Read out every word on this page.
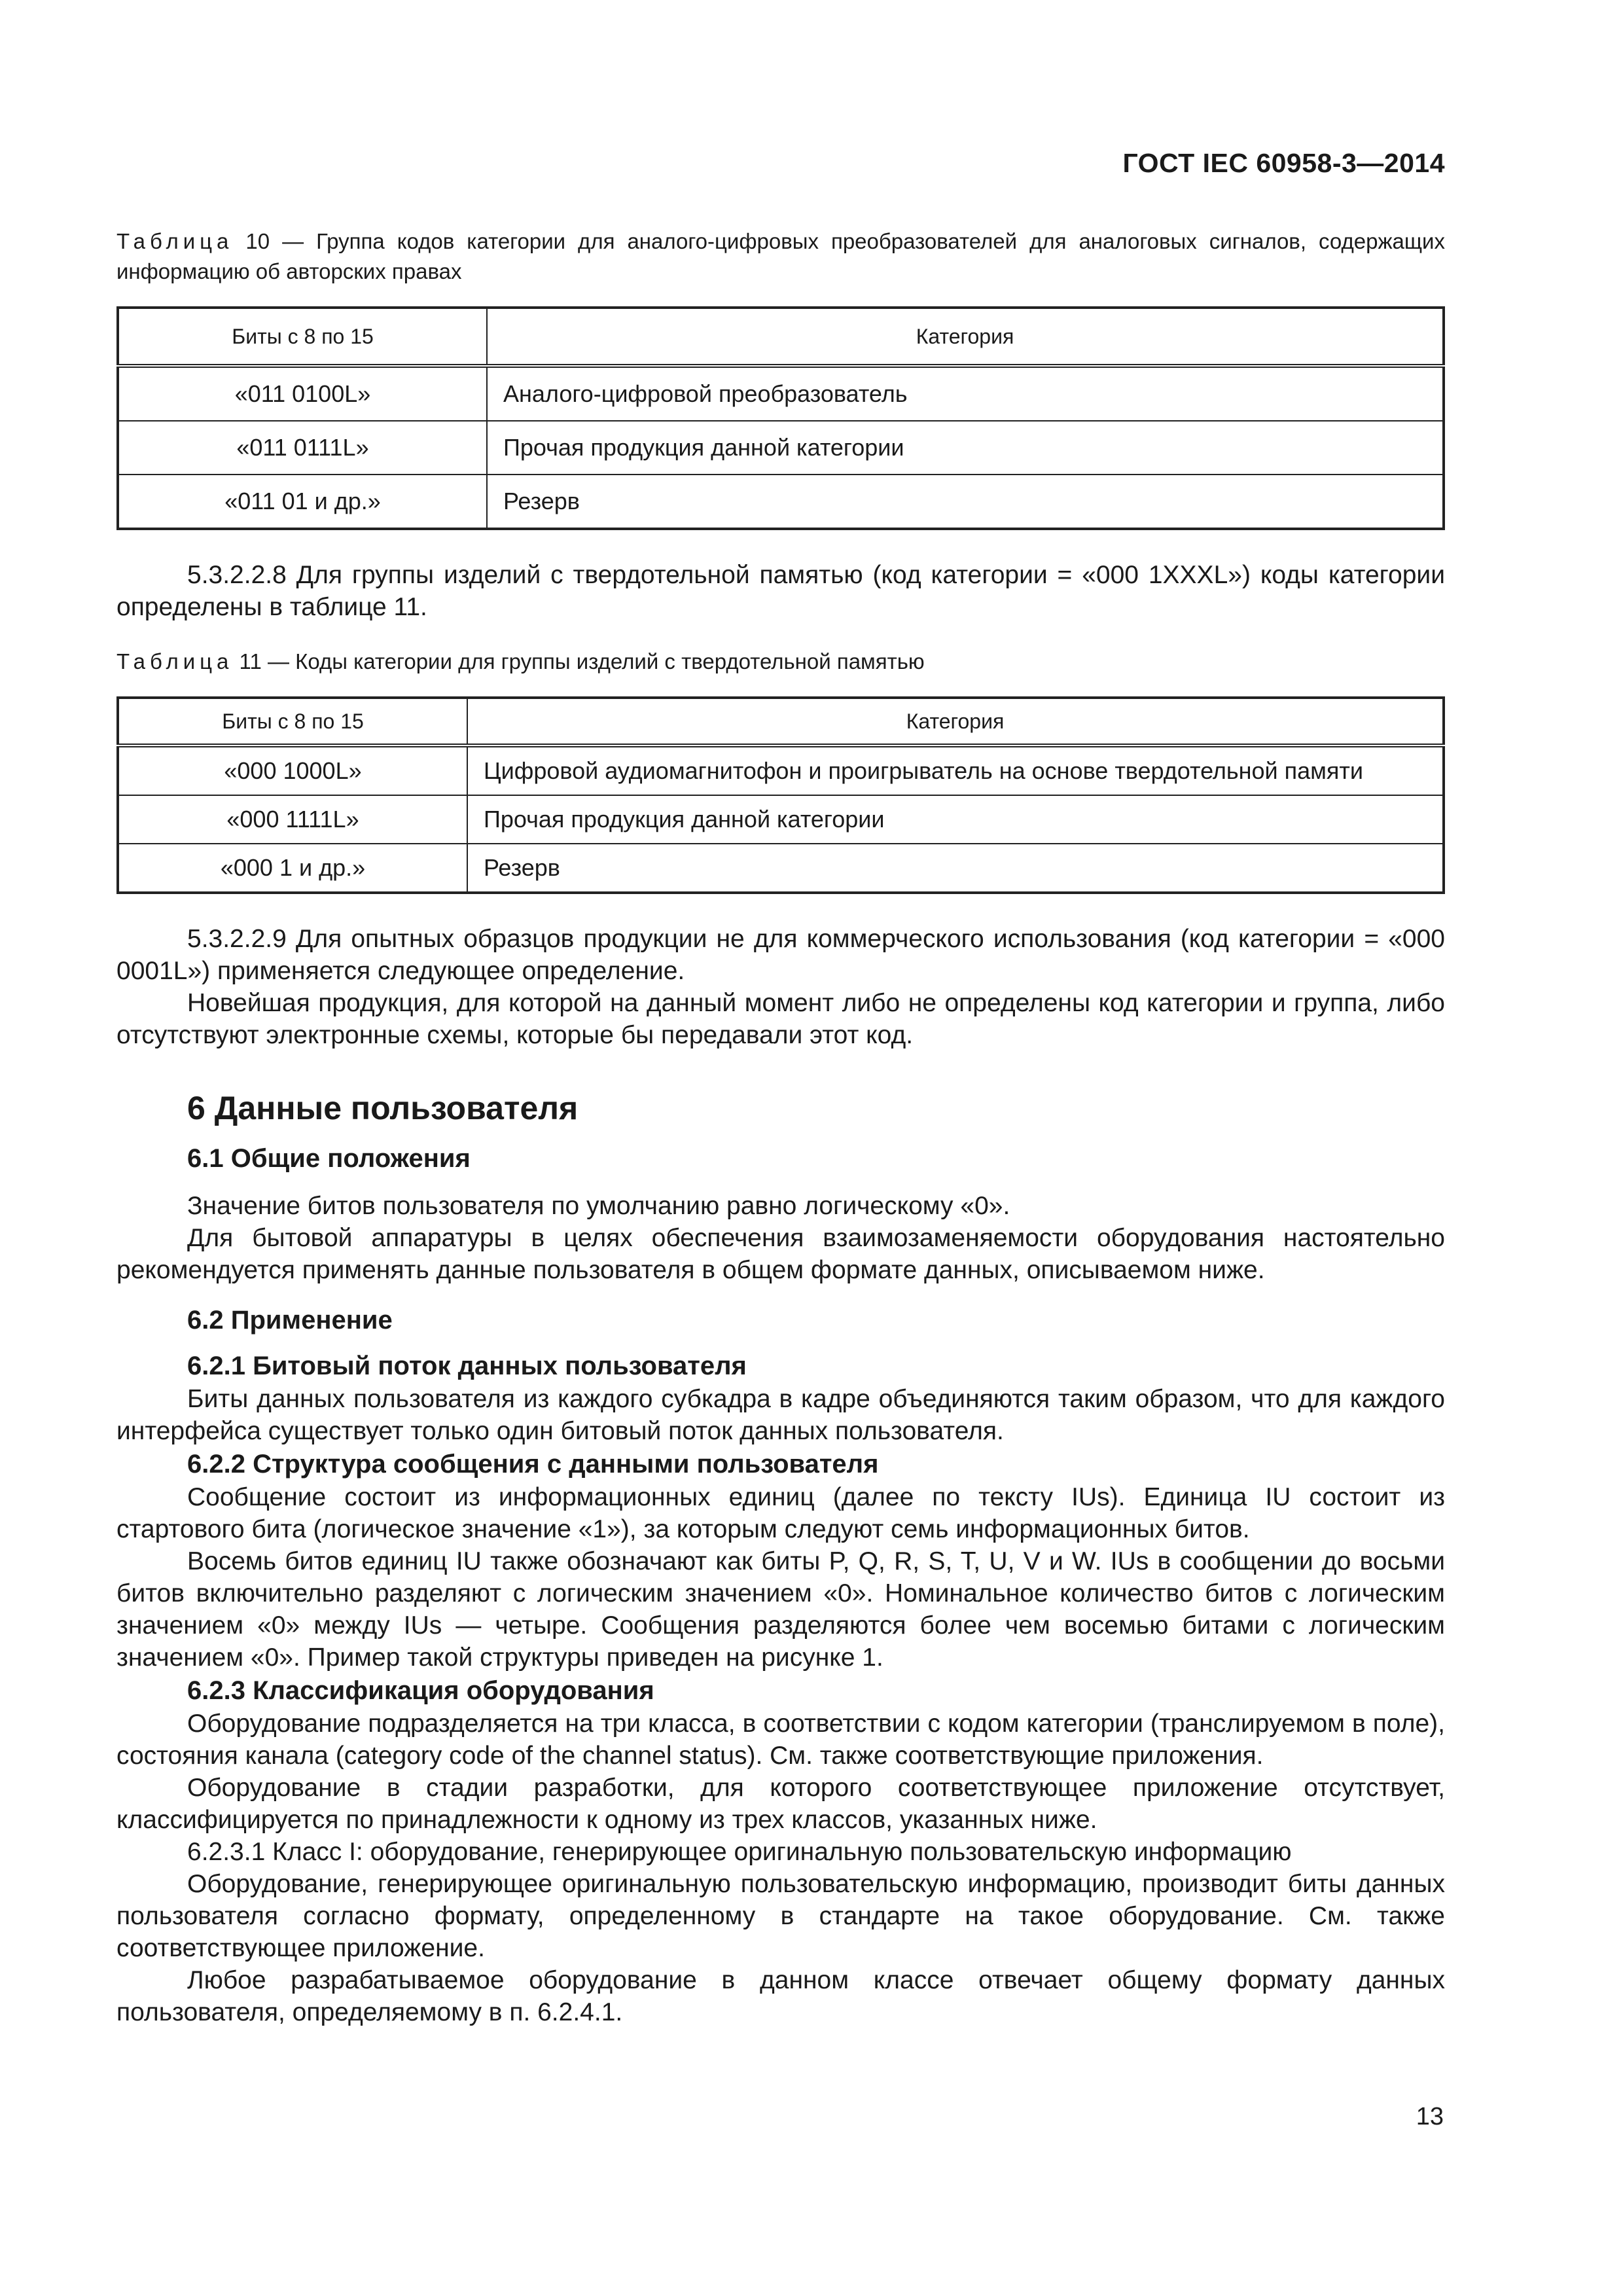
ГОСТ IEC 60958-3—2014

Таблица 10 — Группа кодов категории для аналого-цифровых преобразователей для аналоговых сигналов, содержащих информацию об авторских правах

Биты с 8 по 15	Категория
«011 0100L»	Аналого-цифровой преобразователь
«011 0111L»	Прочая продукция данной категории
«011 01 и др.»	Резерв

5.3.2.2.8 Для группы изделий с твердотельной памятью (код категории = «000 1XXXL») коды категории определены в таблице 11.

Таблица 11 — Коды категории для группы изделий с твердотельной памятью

Биты с 8 по 15	Категория
«000 1000L»	Цифровой аудиомагнитофон и проигрыватель на основе твердотельной памяти
«000 1111L»	Прочая продукция данной категории
«000 1 и др.»	Резерв

5.3.2.2.9 Для опытных образцов продукции не для коммерческого использования (код категории = «000 0001L») применяется следующее определение.

Новейшая продукция, для которой на данный момент либо не определены код категории и группа, либо отсутствуют электронные схемы, которые бы передавали этот код.

6 Данные пользователя

6.1 Общие положения

Значение битов пользователя по умолчанию равно логическому «0».

Для бытовой аппаратуры в целях обеспечения взаимозаменяемости оборудования настоятельно рекомендуется применять данные пользователя в общем формате данных, описываемом ниже.

6.2 Применение

6.2.1 Битовый поток данных пользователя

Биты данных пользователя из каждого субкадра в кадре объединяются таким образом, что для каждого интерфейса существует только один битовый поток данных пользователя.

6.2.2 Структура сообщения с данными пользователя

Сообщение состоит из информационных единиц (далее по тексту IUs). Единица IU состоит из стартового бита (логическое значение «1»), за которым следуют семь информационных битов.

Восемь битов единиц IU также обозначают как биты P, Q, R, S, T, U, V и W. IUs в сообщении до восьми битов включительно разделяют с логическим значением «0». Номинальное количество битов с логическим значением «0» между IUs — четыре. Сообщения разделяются более чем восемью битами с логическим значением «0». Пример такой структуры приведен на рисунке 1.

6.2.3 Классификация оборудования

Оборудование подразделяется на три класса, в соответствии с кодом категории (транслируемом в поле), состояния канала (category code of the channel status). См. также соответствующие приложения.

Оборудование в стадии разработки, для которого соответствующее приложение отсутствует, классифицируется по принадлежности к одному из трех классов, указанных ниже.

6.2.3.1 Класс I: оборудование, генерирующее оригинальную пользовательскую информацию

Оборудование, генерирующее оригинальную пользовательскую информацию, производит биты данных пользователя согласно формату, определенному в стандарте на такое оборудование. См. также соответствующее приложение.

Любое разрабатываемое оборудование в данном классе отвечает общему формату данных пользователя, определяемому в п. 6.2.4.1.

13
